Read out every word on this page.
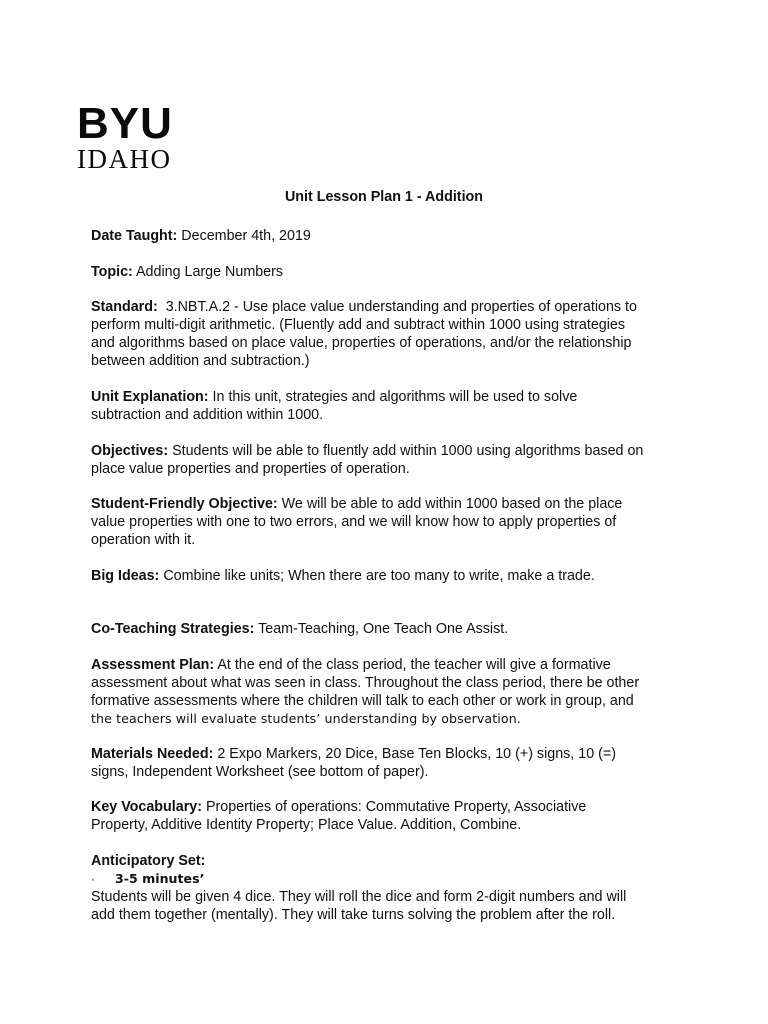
BYU
IDAHO
Unit Lesson Plan 1 - Addition
Date Taught: December 4th, 2019
Topic: Adding Large Numbers
Standard: 3.NBT.A.2 - Use place value understanding and properties of operations to
perform multi-digit arithmetic. (Fluently add and subtract within 1000 using strategies
and algorithms based on place value, properties of operations, and/or the relationship
between addition and subtraction.)
Unit Explanation: In this unit, strategies and algorithms will be used to solve
subtraction and addition within 1000.
Objectives: Students will be able to fluently add within 1000 using algorithms based on
place value properties and properties of operation.
Student-Friendly Objective: We will be able to add within 1000 based on the place
value properties with one to two errors, and we will know how to apply properties of
operation with it.
Big Ideas: Combine like units; When there are too many to write, make a trade.
Co-Teaching Strategies: Team-Teaching, One Teach One Assist.
Assessment Plan: At the end of the class period, the teacher will give a formative
assessment about what was seen in class. Throughout the class period, there be other
formative assessments where the children will talk to each other or work in group, and
the teachers will evaluate students’ understanding by observation.
Materials Needed: 2 Expo Markers, 20 Dice, Base Ten Blocks, 10 (+) signs, 10 (=)
signs, Independent Worksheet (see bottom of paper).
Key Vocabulary: Properties of operations: Commutative Property, Associative
Property, Additive Identity Property; Place Value. Addition, Combine.
Anticipatory Set:
· 3-5 minutes’
Students will be given 4 dice. They will roll the dice and form 2-digit numbers and will
add them together (mentally). They will take turns solving the problem after the roll.
